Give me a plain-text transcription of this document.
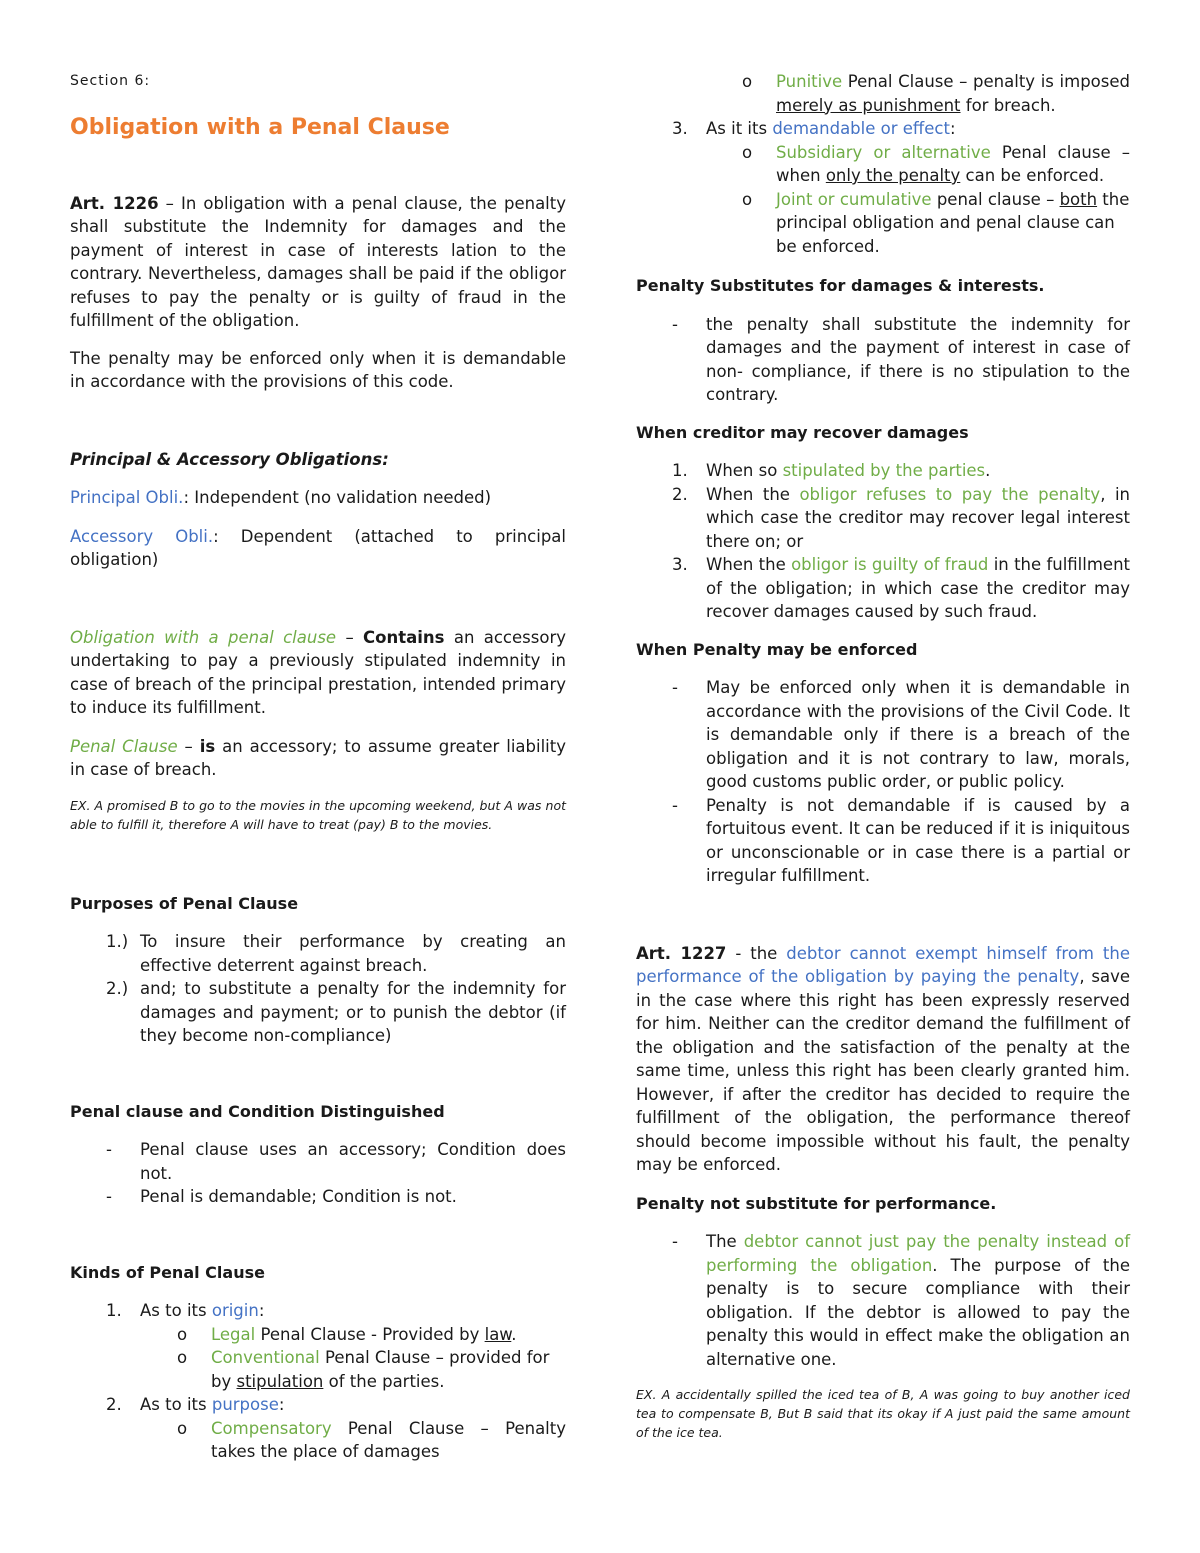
Section 6:

Obligation with a Penal Clause

Art. 1226 – In obligation with a penal clause, the penalty shall substitute the Indemnity for damages and the payment of interest in case of interests lation to the contrary. Nevertheless, damages shall be paid if the obligor refuses to pay the penalty or is guilty of fraud in the fulfillment of the obligation.

The penalty may be enforced only when it is demandable in accordance with the provisions of this code.

Principal & Accessory Obligations:

Principal Obli.: Independent (no validation needed)

Accessory Obli.: Dependent (attached to principal obligation)

Obligation with a penal clause – Contains an accessory undertaking to pay a previously stipulated indemnity in case of breach of the principal prestation, intended primary to induce its fulfillment.

Penal Clause – is an accessory; to assume greater liability in case of breach.

EX. A promised B to go to the movies in the upcoming weekend, but A was not able to fulfill it, therefore A will have to treat (pay) B to the movies.

Purposes of Penal Clause

1.) To insure their performance by creating an effective deterrent against breach.
2.) and; to substitute a penalty for the indemnity for damages and payment; or to punish the debtor (if they become non-compliance)

Penal clause and Condition Distinguished

-	Penal clause uses an accessory; Condition does not.
-	Penal is demandable; Condition is not.

Kinds of Penal Clause

1.	As to its origin:
o	Legal Penal Clause - Provided by law.
o	Conventional Penal Clause – provided for by stipulation of the parties.
2.	As to its purpose:
o	Compensatory Penal Clause – Penalty takes the place of damages
o	Punitive Penal Clause – penalty is imposed merely as punishment for breach.
3.	As it its demandable or effect:
o	Subsidiary or alternative Penal clause – when only the penalty can be enforced.
o	Joint or cumulative penal clause – both the principal obligation and penal clause can be enforced.

Penalty Substitutes for damages & interests.

-	the penalty shall substitute the indemnity for damages and the payment of interest in case of non- compliance, if there is no stipulation to the contrary.

When creditor may recover damages

1.	When so stipulated by the parties.
2.	When the obligor refuses to pay the penalty, in which case the creditor may recover legal interest there on; or
3.	When the obligor is guilty of fraud in the fulfillment of the obligation; in which case the creditor may recover damages caused by such fraud.

When Penalty may be enforced

-	May be enforced only when it is demandable in accordance with the provisions of the Civil Code. It is demandable only if there is a breach of the obligation and it is not contrary to law, morals, good customs public order, or public policy.
-	Penalty is not demandable if is caused by a fortuitous event. It can be reduced if it is iniquitous or unconscionable or in case there is a partial or irregular fulfillment.

Art. 1227 - the debtor cannot exempt himself from the performance of the obligation by paying the penalty, save in the case where this right has been expressly reserved for him. Neither can the creditor demand the fulfillment of the obligation and the satisfaction of the penalty at the same time, unless this right has been clearly granted him. However, if after the creditor has decided to require the fulfillment of the obligation, the performance thereof should become impossible without his fault, the penalty may be enforced.

Penalty not substitute for performance.

-	The debtor cannot just pay the penalty instead of performing the obligation. The purpose of the penalty is to secure compliance with their obligation. If the debtor is allowed to pay the penalty this would in effect make the obligation an alternative one.

EX. A accidentally spilled the iced tea of B, A was going to buy another iced tea to compensate B, But B said that its okay if A just paid the same amount of the ice tea.
